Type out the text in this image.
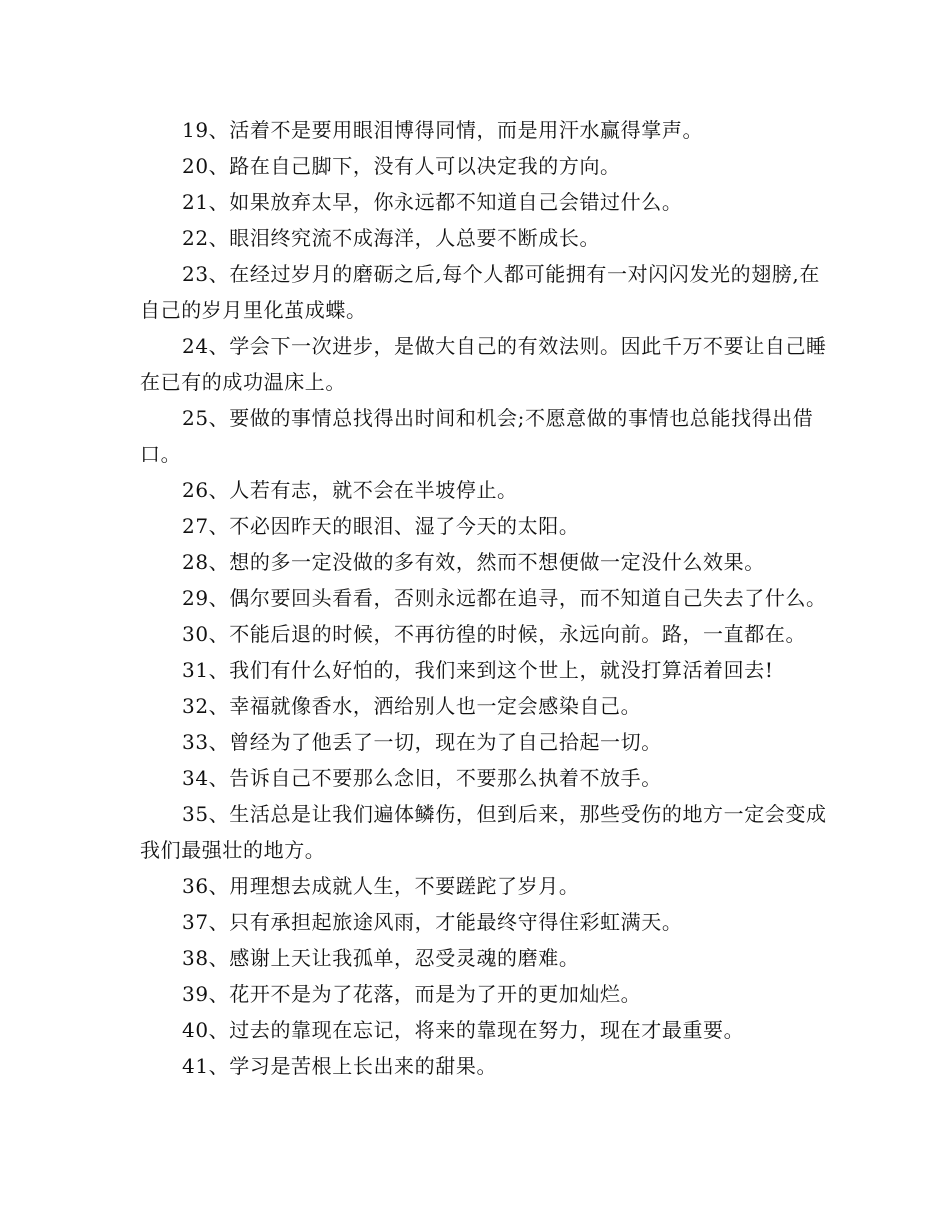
19、活着不是要用眼泪博得同情，而是用汗水赢得掌声。

20、路在自己脚下，没有人可以决定我的方向。

21、如果放弃太早，你永远都不知道自己会错过什么。

22、眼泪终究流不成海洋，人总要不断成长。

23、在经过岁月的磨砺之后,每个人都可能拥有一对闪闪发光的翅膀,在自己的岁月里化茧成蝶。

24、学会下一次进步，是做大自己的有效法则。因此千万不要让自己睡在已有的成功温床上。

25、要做的事情总找得出时间和机会;不愿意做的事情也总能找得出借口。

26、人若有志，就不会在半坡停止。

27、不必因昨天的眼泪、湿了今天的太阳。

28、想的多一定没做的多有效，然而不想便做一定没什么效果。

29、偶尔要回头看看，否则永远都在追寻，而不知道自己失去了什么。

30、不能后退的时候，不再彷徨的时候，永远向前。路，一直都在。

31、我们有什么好怕的，我们来到这个世上，就没打算活着回去!

32、幸福就像香水，洒给别人也一定会感染自己。

33、曾经为了他丢了一切，现在为了自己拾起一切。

34、告诉自己不要那么念旧，不要那么执着不放手。

35、生活总是让我们遍体鳞伤，但到后来，那些受伤的地方一定会变成我们最强壮的地方。

36、用理想去成就人生，不要蹉跎了岁月。

37、只有承担起旅途风雨，才能最终守得住彩虹满天。

38、感谢上天让我孤单，忍受灵魂的磨难。

39、花开不是为了花落，而是为了开的更加灿烂。

40、过去的靠现在忘记，将来的靠现在努力，现在才最重要。

41、学习是苦根上长出来的甜果。
